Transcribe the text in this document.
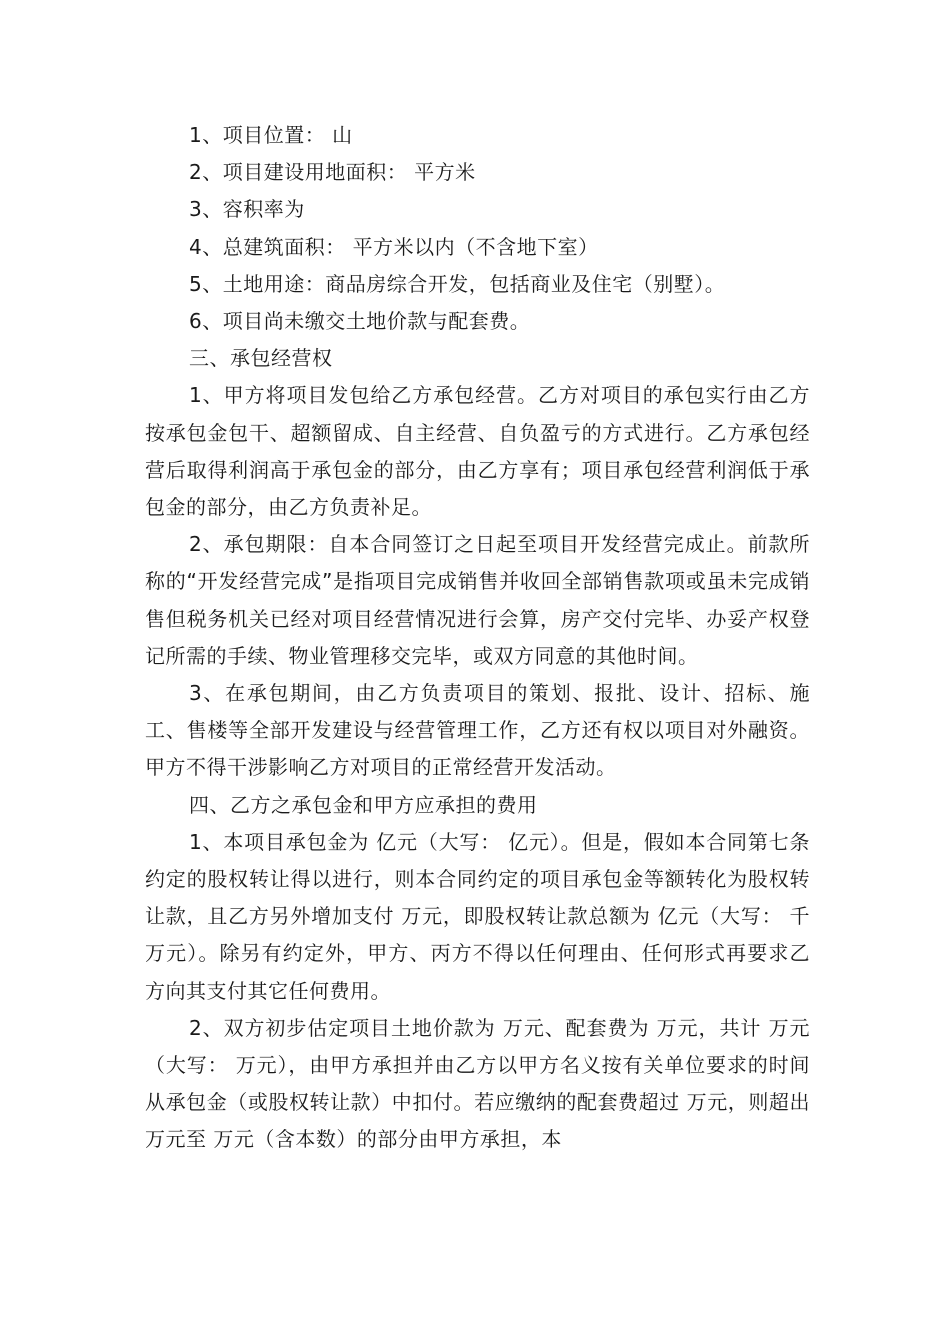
1、项目位置： 山

2、项目建设用地面积： 平方米

3、容积率为

4、总建筑面积： 平方米以内（不含地下室）

5、土地用途：商品房综合开发，包括商业及住宅（别墅）。

6、项目尚未缴交土地价款与配套费。

三、承包经营权

1、甲方将项目发包给乙方承包经营。乙方对项目的承包实行由乙方按承包金包干、超额留成、自主经营、自负盈亏的方式进行。乙方承包经营后取得利润高于承包金的部分，由乙方享有；项目承包经营利润低于承包金的部分，由乙方负责补足。

2、承包期限：自本合同签订之日起至项目开发经营完成止。前款所称的“开发经营完成”是指项目完成销售并收回全部销售款项或虽未完成销售但税务机关已经对项目经营情况进行会算，房产交付完毕、办妥产权登记所需的手续、物业管理移交完毕，或双方同意的其他时间。

3、在承包期间，由乙方负责项目的策划、报批、设计、招标、施工、售楼等全部开发建设与经营管理工作，乙方还有权以项目对外融资。甲方不得干涉影响乙方对项目的正常经营开发活动。

四、乙方之承包金和甲方应承担的费用

1、本项目承包金为 亿元（大写： 亿元）。但是，假如本合同第七条约定的股权转让得以进行，则本合同约定的项目承包金等额转化为股权转让款，且乙方另外增加支付 万元，即股权转让款总额为 亿元（大写： 千万元）。除另有约定外，甲方、丙方不得以任何理由、任何形式再要求乙方向其支付其它任何费用。

2、双方初步估定项目土地价款为 万元、配套费为 万元，共计 万元（大写： 万元），由甲方承担并由乙方以甲方名义按有关单位要求的时间从承包金（或股权转让款）中扣付。若应缴纳的配套费超过 万元，则超出 万元至 万元（含本数）的部分由甲方承担，本
